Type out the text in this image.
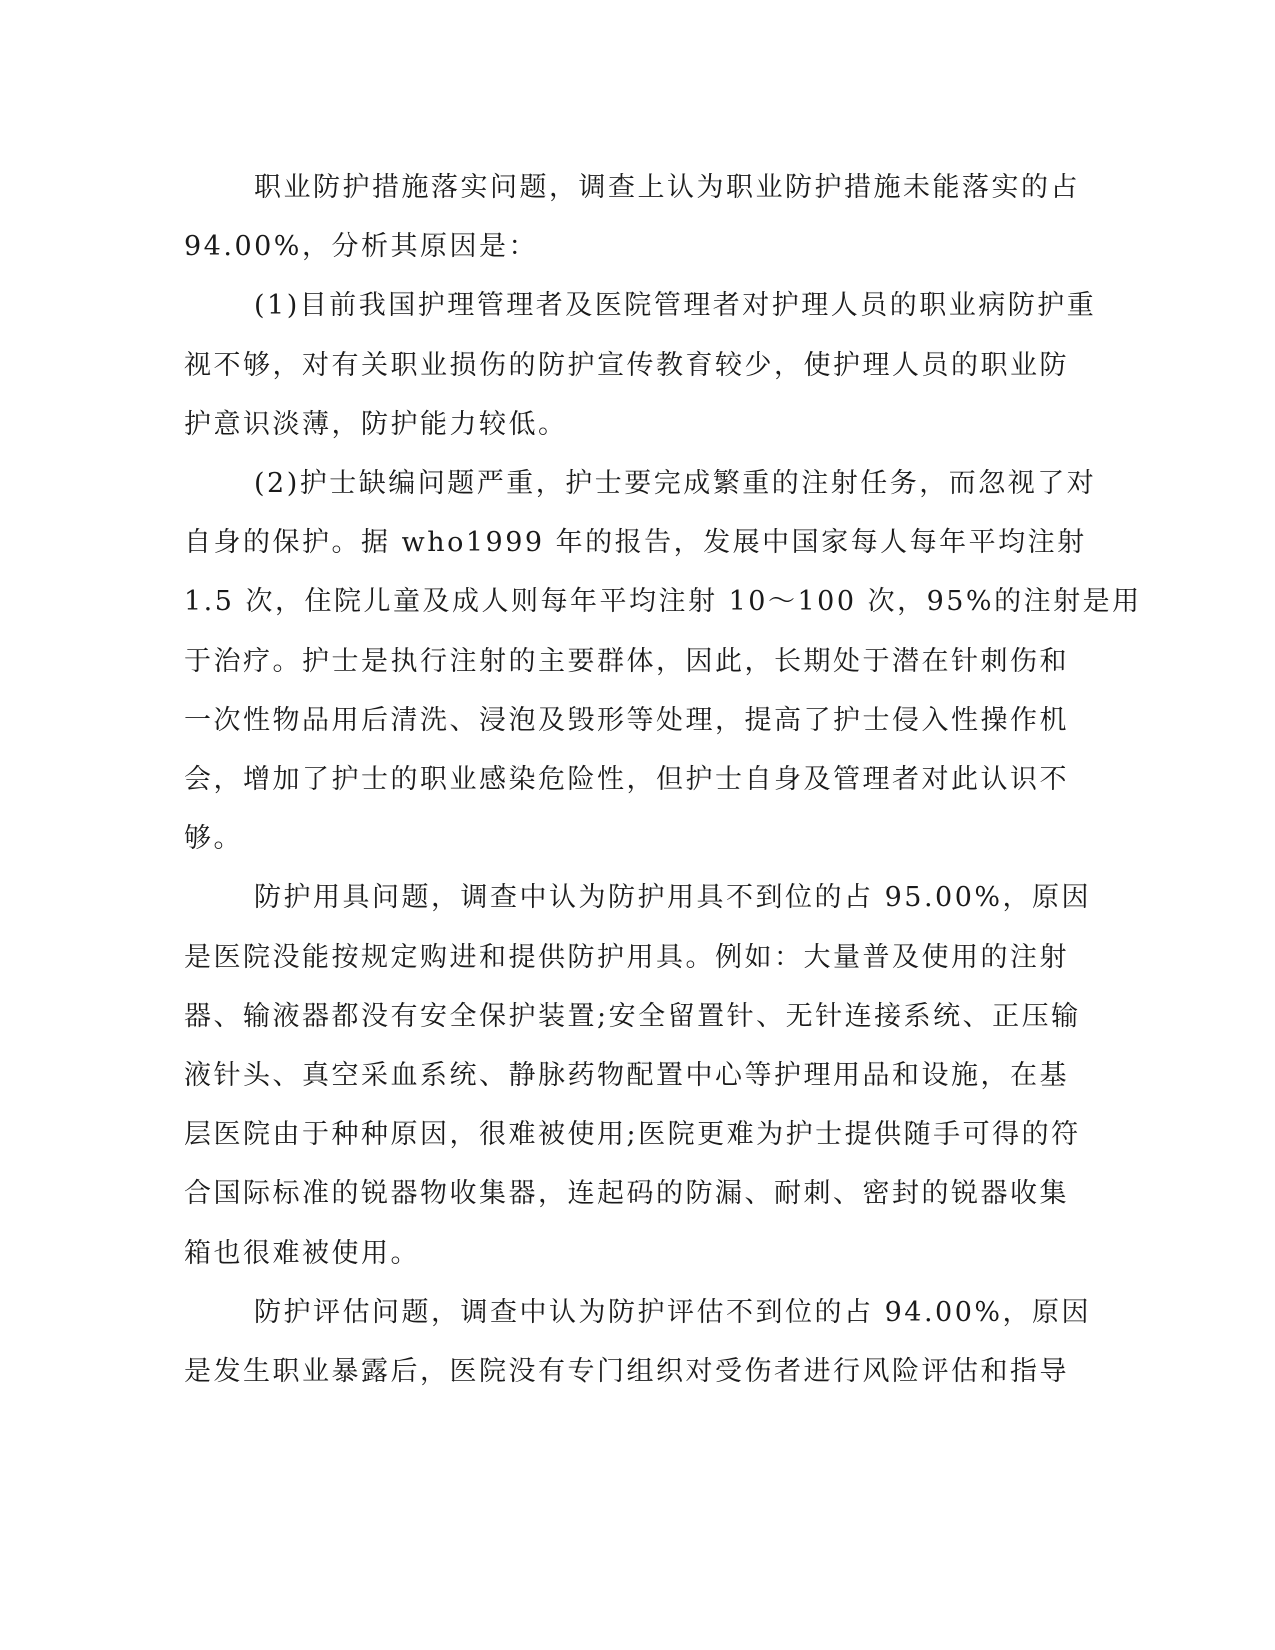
职业防护措施落实问题，调查上认为职业防护措施未能落实的占

94.00%，分析其原因是：

(1)目前我国护理管理者及医院管理者对护理人员的职业病防护重

视不够，对有关职业损伤的防护宣传教育较少，使护理人员的职业防

护意识淡薄，防护能力较低。

(2)护士缺编问题严重，护士要完成繁重的注射任务，而忽视了对

自身的保护。据 who1999 年的报告，发展中国家每人每年平均注射

1.5 次，住院儿童及成人则每年平均注射 10～100 次，95%的注射是用

于治疗。护士是执行注射的主要群体，因此，长期处于潜在针刺伤和

一次性物品用后清洗、浸泡及毁形等处理，提高了护士侵入性操作机

会，增加了护士的职业感染危险性，但护士自身及管理者对此认识不

够。

防护用具问题，调查中认为防护用具不到位的占 95.00%，原因

是医院没能按规定购进和提供防护用具。例如：大量普及使用的注射

器、输液器都没有安全保护装置;安全留置针、无针连接系统、正压输

液针头、真空采血系统、静脉药物配置中心等护理用品和设施，在基

层医院由于种种原因，很难被使用;医院更难为护士提供随手可得的符

合国际标准的锐器物收集器，连起码的防漏、耐刺、密封的锐器收集

箱也很难被使用。

防护评估问题，调查中认为防护评估不到位的占 94.00%，原因

是发生职业暴露后，医院没有专门组织对受伤者进行风险评估和指导
